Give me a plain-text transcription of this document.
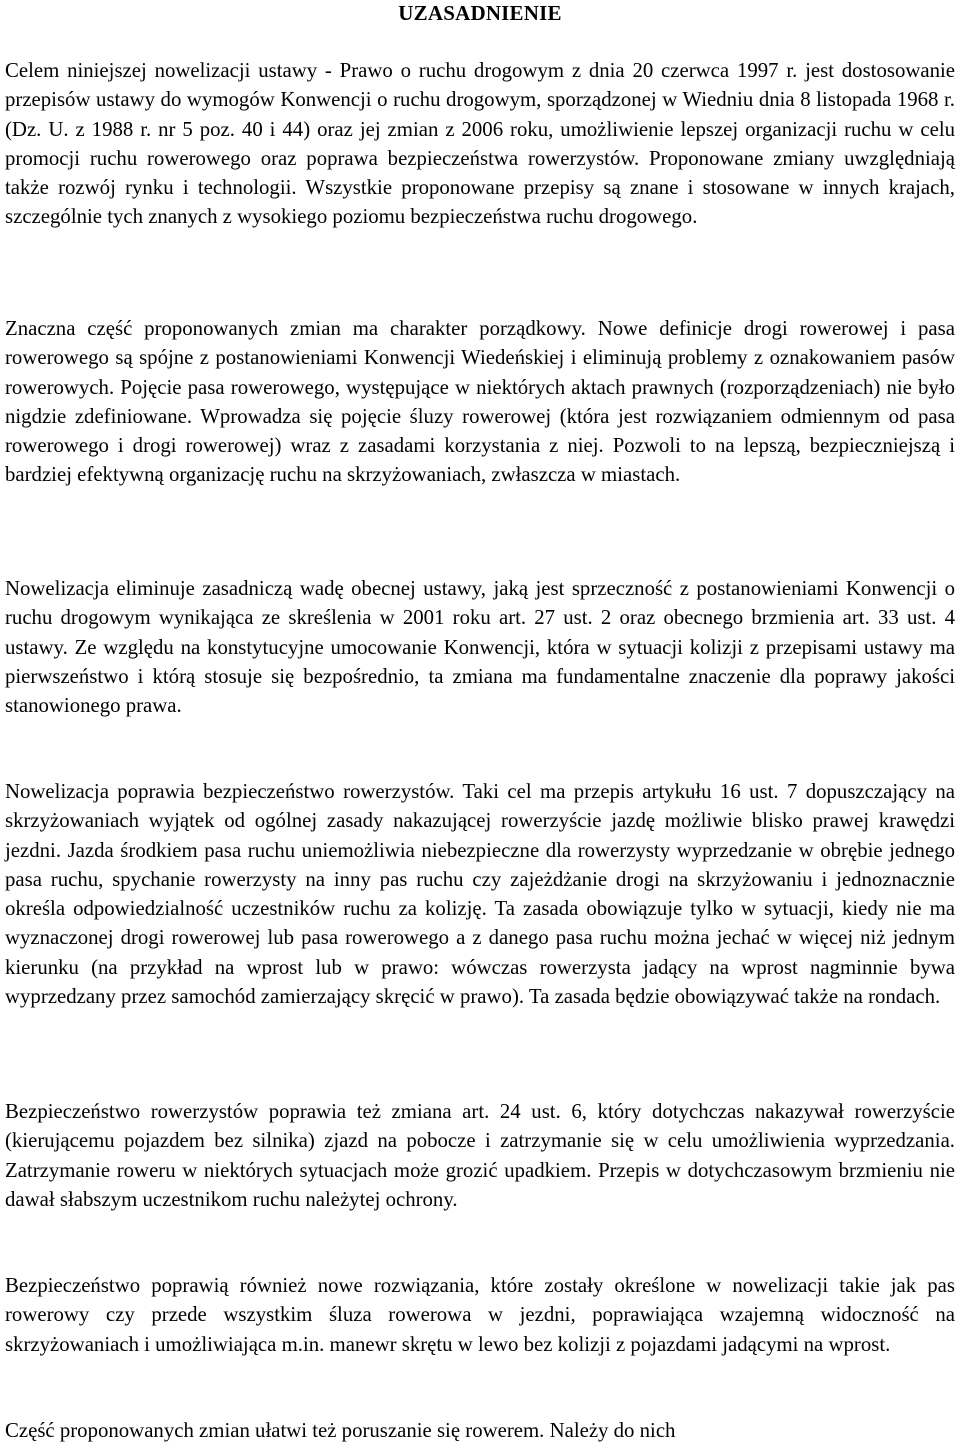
UZASADNIENIE

Celem niniejszej nowelizacji ustawy - Prawo o ruchu drogowym z dnia 20 czerwca 1997 r. jest dostosowanie przepisów ustawy do wymogów Konwencji o ruchu drogowym, sporządzonej w Wiedniu dnia 8 listopada 1968 r. (Dz. U. z 1988 r. nr 5 poz. 40 i 44) oraz jej zmian z 2006 roku, umożliwienie lepszej organizacji ruchu w celu promocji ruchu rowerowego oraz poprawa bezpieczeństwa rowerzystów. Proponowane zmiany uwzględniają także rozwój rynku i technologii. Wszystkie proponowane przepisy są znane i stosowane w innych krajach, szczególnie tych znanych z wysokiego poziomu bezpieczeństwa ruchu drogowego.

Znaczna część proponowanych zmian ma charakter porządkowy. Nowe definicje drogi rowerowej i pasa rowerowego są spójne z postanowieniami Konwencji Wiedeńskiej i eliminują problemy z oznakowaniem pasów rowerowych. Pojęcie pasa rowerowego, występujące w niektórych aktach prawnych (rozporządzeniach) nie było nigdzie zdefiniowane. Wprowadza się pojęcie śluzy rowerowej (która jest rozwiązaniem odmiennym od pasa rowerowego i drogi rowerowej) wraz z zasadami korzystania z niej. Pozwoli to na lepszą, bezpieczniejszą i bardziej efektywną organizację ruchu na skrzyżowaniach, zwłaszcza w miastach.

Nowelizacja eliminuje zasadniczą wadę obecnej ustawy, jaką jest sprzeczność z postanowieniami Konwencji o ruchu drogowym wynikająca ze skreślenia w 2001 roku art. 27 ust. 2 oraz obecnego brzmienia art. 33 ust. 4 ustawy. Ze względu na konstytucyjne umocowanie Konwencji, która w sytuacji kolizji z przepisami ustawy ma pierwszeństwo i którą stosuje się bezpośrednio, ta zmiana ma fundamentalne znaczenie dla poprawy jakości stanowionego prawa.

Nowelizacja poprawia bezpieczeństwo rowerzystów. Taki cel ma przepis artykułu 16 ust. 7 dopuszczający na skrzyżowaniach wyjątek od ogólnej zasady nakazującej rowerzyście jazdę możliwie blisko prawej krawędzi jezdni. Jazda środkiem pasa ruchu uniemożliwia niebezpieczne dla rowerzysty wyprzedzanie w obrębie jednego pasa ruchu, spychanie rowerzysty na inny pas ruchu czy zajeżdżanie drogi na skrzyżowaniu i jednoznacznie określa odpowiedzialność uczestników ruchu za kolizję. Ta zasada obowiązuje tylko w sytuacji, kiedy nie ma wyznaczonej drogi rowerowej lub pasa rowerowego a z danego pasa ruchu można jechać w więcej niż jednym kierunku (na przykład na wprost lub w prawo: wówczas rowerzysta jadący na wprost nagminnie bywa wyprzedzany przez samochód zamierzający skręcić w prawo). Ta zasada będzie obowiązywać także na rondach.

Bezpieczeństwo rowerzystów poprawia też zmiana art. 24 ust. 6, który dotychczas nakazywał rowerzyście (kierującemu pojazdem bez silnika) zjazd na pobocze i zatrzymanie się w celu umożliwienia wyprzedzania. Zatrzymanie roweru w niektórych sytuacjach może grozić upadkiem. Przepis w dotychczasowym brzmieniu nie dawał słabszym uczestnikom ruchu należytej ochrony.

Bezpieczeństwo poprawią również nowe rozwiązania, które zostały określone w nowelizacji takie jak pas rowerowy czy przede wszystkim śluza rowerowa w jezdni, poprawiająca wzajemną widoczność na skrzyżowaniach i umożliwiająca m.in. manewr skrętu w lewo bez kolizji z pojazdami jadącymi na wprost.

Część proponowanych zmian ułatwi też poruszanie się rowerem. Należy do nich
